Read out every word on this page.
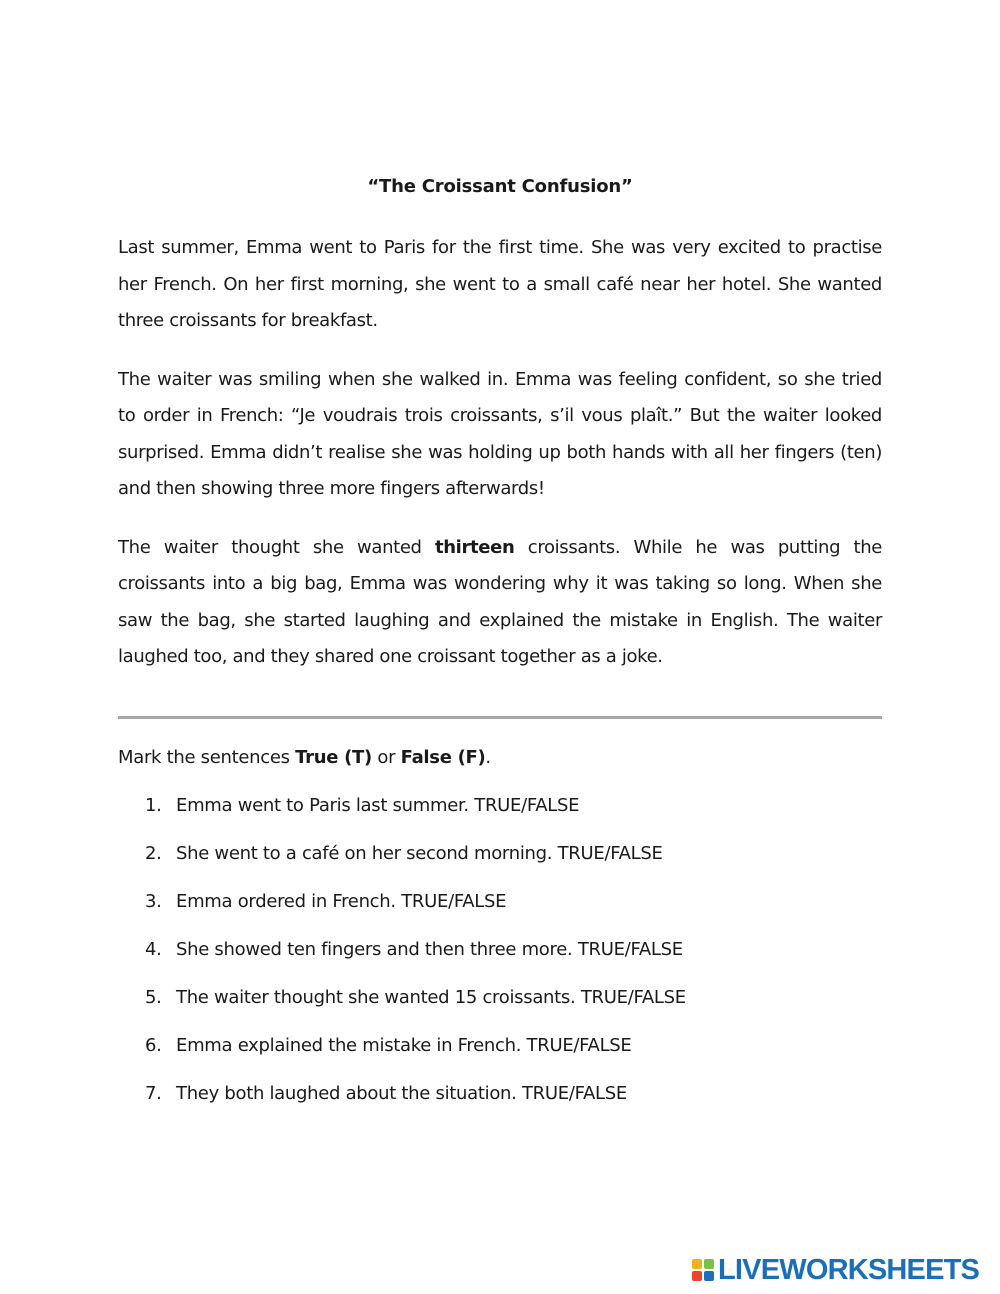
“The Croissant Confusion”

Last summer, Emma went to Paris for the first time. She was very excited to practise her French. On her first morning, she went to a small café near her hotel. She wanted three croissants for breakfast.

The waiter was smiling when she walked in. Emma was feeling confident, so she tried to order in French: “Je voudrais trois croissants, s’il vous plaît.” But the waiter looked surprised. Emma didn’t realise she was holding up both hands with all her fingers (ten) and then showing three more fingers afterwards!

The waiter thought she wanted thirteen croissants. While he was putting the croissants into a big bag, Emma was wondering why it was taking so long. When she saw the bag, she started laughing and explained the mistake in English. The waiter laughed too, and they shared one croissant together as a joke.

Mark the sentences True (T) or False (F).
1. Emma went to Paris last summer. TRUE/FALSE
2. She went to a café on her second morning. TRUE/FALSE
3. Emma ordered in French. TRUE/FALSE
4. She showed ten fingers and then three more. TRUE/FALSE
5. The waiter thought she wanted 15 croissants. TRUE/FALSE
6. Emma explained the mistake in French. TRUE/FALSE
7. They both laughed about the situation. TRUE/FALSE
LIVEWORKSHEETS
